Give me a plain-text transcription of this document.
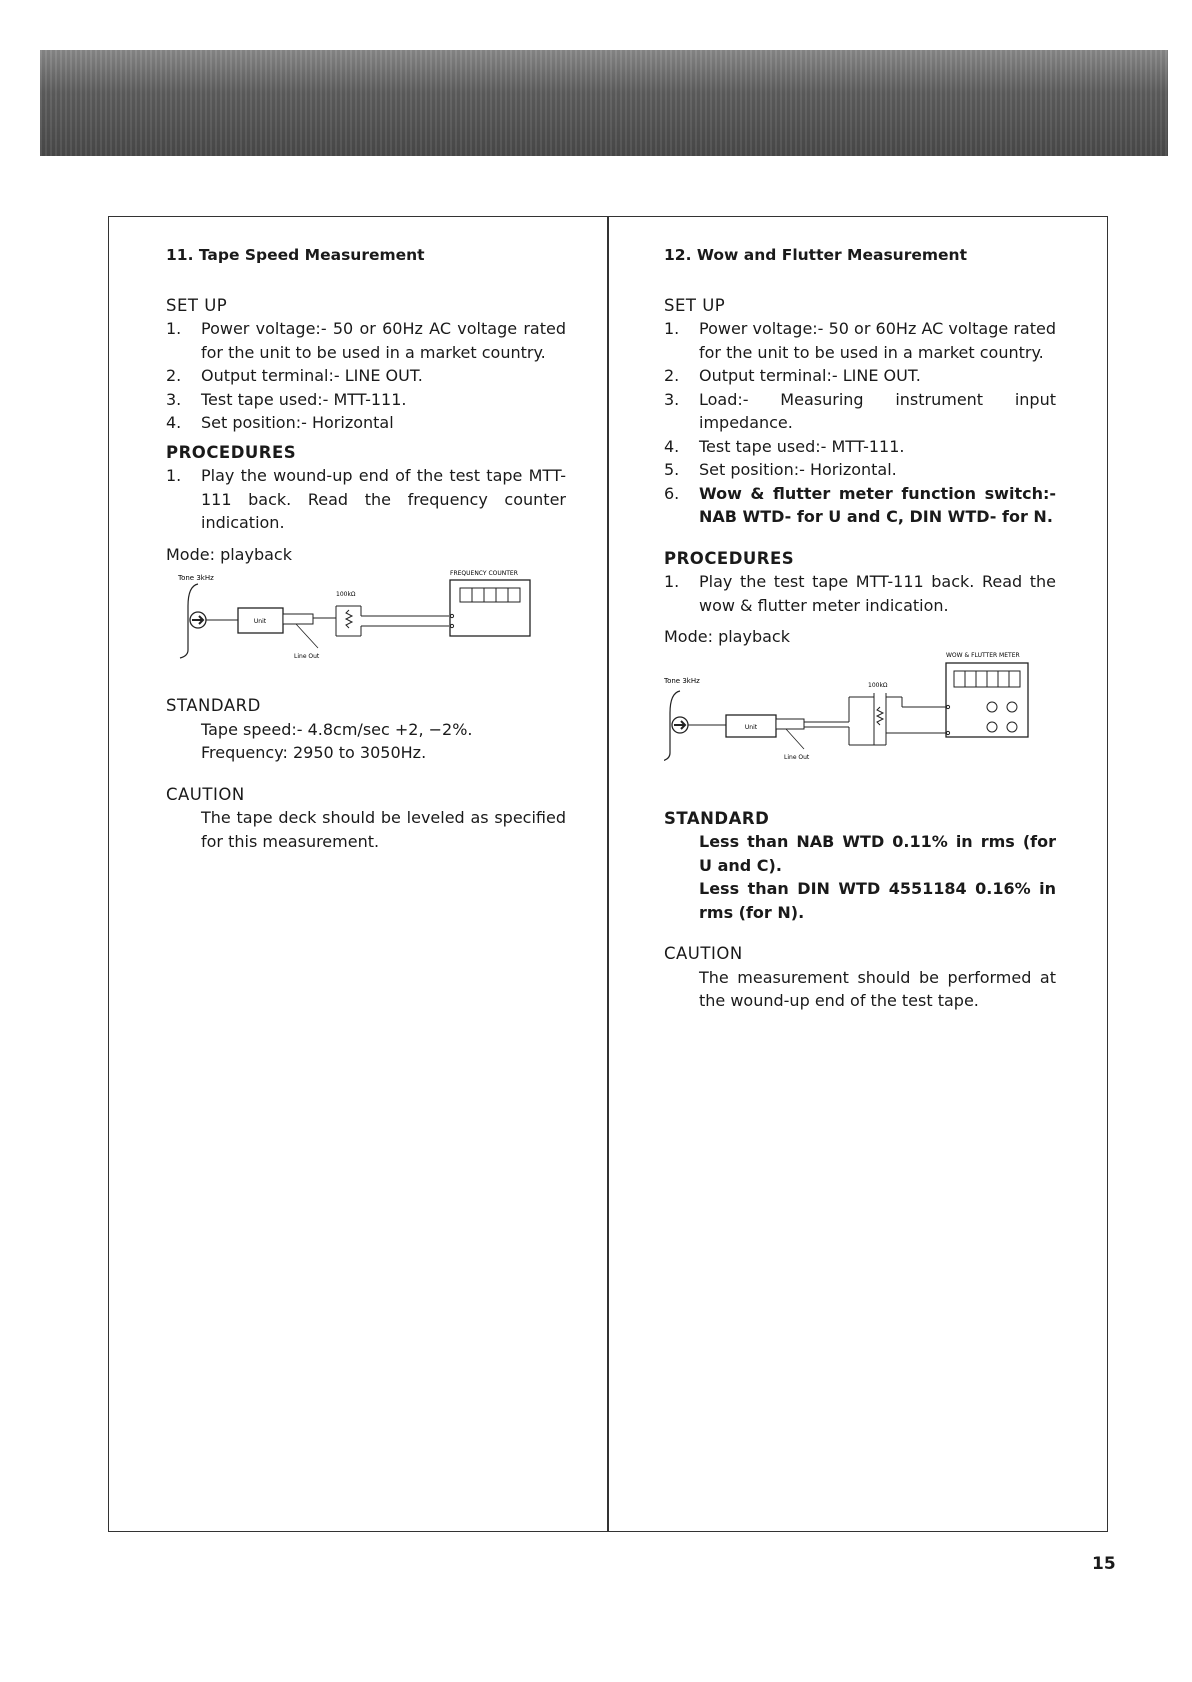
11. Tape Speed Measurement

SET UP

1.	Power voltage:- 50 or 60Hz AC voltage rated for the unit to be used in a market country.
2.	Output terminal:- LINE OUT.
3.	Test tape used:- MTT-111.
4.	Set position:- Horizontal

PROCEDURES

1.	Play the wound-up end of the test tape MTT-111 back. Read the frequency counter indication.

Mode: playback

Tone 3kHz
Unit
100kΩ
Line Out
FREQUENCY COUNTER

STANDARD

Tape speed:- 4.8cm/sec +2, −2%.
Frequency: 2950 to 3050Hz.

CAUTION

The tape deck should be leveled as specified for this measurement.

12. Wow and Flutter Measurement

SET UP

1.	Power voltage:- 50 or 60Hz AC voltage rated for the unit to be used in a market country.
2.	Output terminal:- LINE OUT.
3.	Load:- Measuring instrument input impedance.
4.	Test tape used:- MTT-111.
5.	Set position:- Horizontal.
6.	Wow & flutter meter function switch:-NAB WTD- for U and C, DIN WTD- for N.

PROCEDURES

1.	Play the test tape MTT-111 back. Read the wow & flutter meter indication.

Mode: playback

Tone 3kHz
Unit
100kΩ
Line Out
WOW & FLUTTER METER

STANDARD

Less than NAB WTD 0.11% in rms (for U and C).
Less than DIN WTD 4551184 0.16% in rms (for N).

CAUTION

The measurement should be performed at the wound-up end of the test tape.
15
